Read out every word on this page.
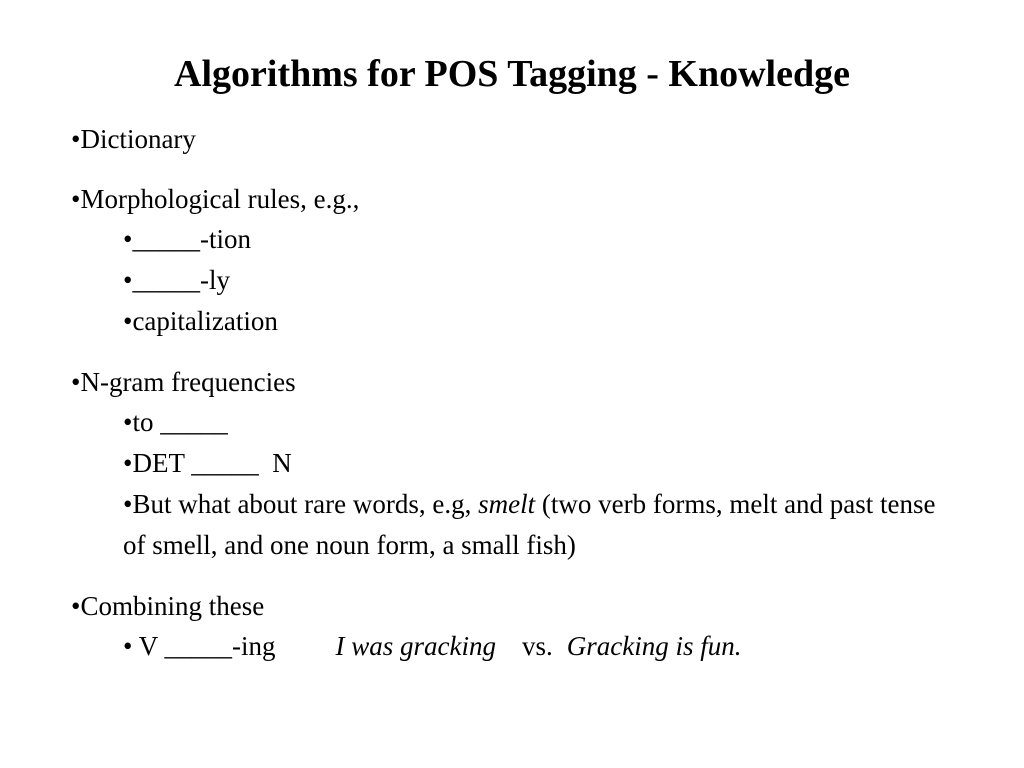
Algorithms for POS Tagging - Knowledge
•Dictionary
•Morphological rules, e.g.,
•_____-tion
•_____-ly
•capitalization
•N-gram frequencies
•to _____
•DET _____  N
•But what about rare words, e.g, smelt (two verb forms, melt and past tense of smell, and one noun form, a small fish)
•Combining these
• V _____-ing I was gracking vs. Gracking is fun.
